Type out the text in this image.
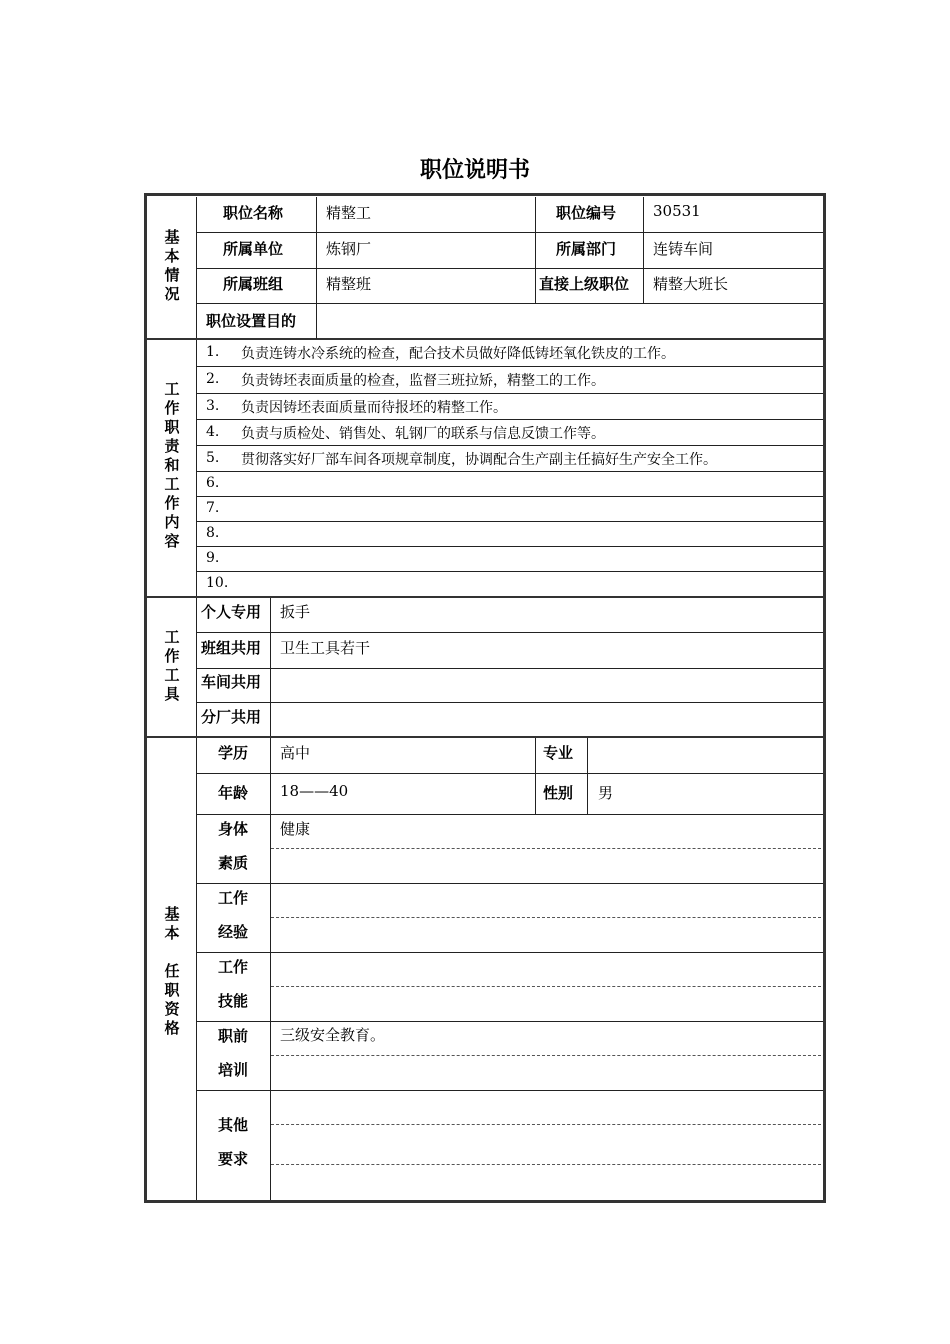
职位说明书
基
本
情
况
职位名称	精整工	职位编号 30531
所属单位	炼钢厂	所属部门 连铸车间
所属班组	精整班	直接上级职位 精整大班长
职位设置目的
工
作
职
责
和
工
作
内
容
1. 负责连铸水冷系统的检查，配合技术员做好降低铸坯氧化铁皮的工作。
2. 负责铸坯表面质量的检查，监督三班拉矫，精整工的工作。
3. 负责因铸坯表面质量而待报坯的精整工作。
4. 负责与质检处、销售处、轧钢厂的联系与信息反馈工作等。
5. 贯彻落实好厂部车间各项规章制度，协调配合生产副主任搞好生产安全工作。
6.
7.
8.
9.
10.
工
作
工
具
个人专用 扳手
班组共用 卫生工具若干
车间共用
分厂共用
基
本
任
职
资
格
学历 高中	专业
年龄 18——40	性别 男
身体
素质
健康
工作
经验
工作
技能
职前
培训
三级安全教育。
其他
要求
